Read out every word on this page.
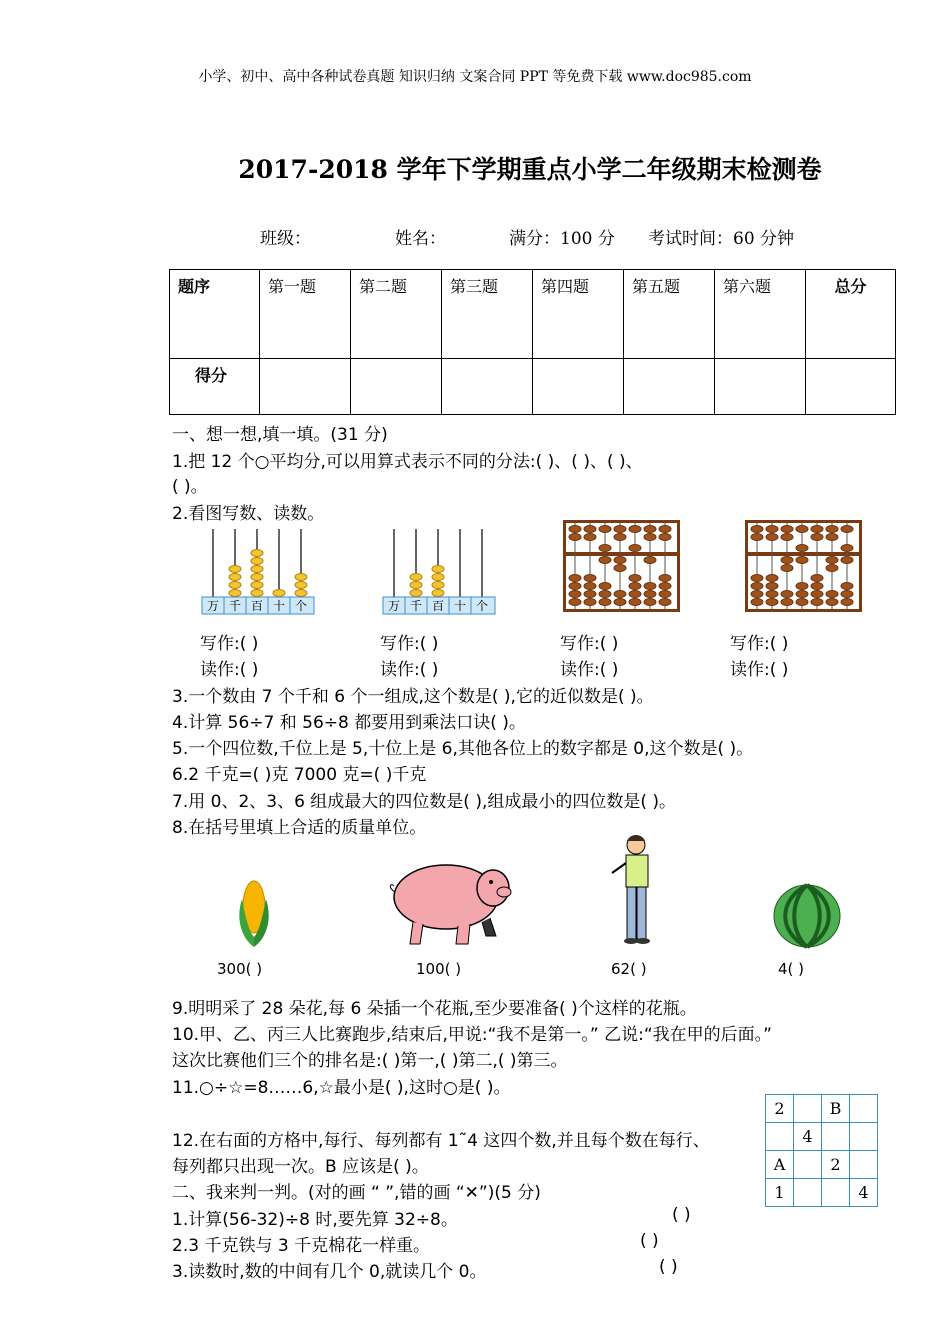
小学、初中、高中各种试卷真题 知识归纳 文案合同 PPT 等免费下载 www.doc985.com
2017-2018 学年下学期重点小学二年级期末检测卷
班级：	姓名：	满分：100 分 考试时间：60 分钟
题序	第一题	第二题	第三题	第四题	第五题	第六题	总分
得分							
一、想一想,填一填。(31 分)
1.把 12 个○平均分,可以用算式表示不同的分法:( )、( )、( )、
( )。
2.看图写数、读数。
万 千 百 十 个	万 千 百 十 个
写作:( )	写作:( )	写作:( )	写作:( )
读作:( )	读作:( )	读作:( )	读作:( )
3.一个数由 7 个千和 6 个一组成,这个数是( ),它的近似数是( )。
4.计算 56÷7 和 56÷8 都要用到乘法口诀( )。
5.一个四位数,千位上是 5,十位上是 6,其他各位上的数字都是 0,这个数是( )。
6.2 千克=( )克 7000 克=( )千克
7.用 0、2、3、6 组成最大的四位数是( ),组成最小的四位数是( )。
8.在括号里填上合适的质量单位。
300( )	100( )	62( )	4( )
9.明明采了 28 朵花,每 6 朵插一个花瓶,至少要准备( )个这样的花瓶。
10.甲、乙、丙三人比赛跑步,结束后,甲说:“我不是第一。” 乙说:“我在甲的后面。”
这次比赛他们三个的排名是:( )第一,( )第二,( )第三。
11.○÷☆=8……6,☆最小是( ),这时○是( )。
12.在右面的方格中,每行、每列都有 1˜4 这四个数,并且每个数在每行、
每列都只出现一次。B 应该是( )。
2		B	
	4		
A		2	
1			4
二、我来判一判。(对的画 “ ”,错的画 “✕”)(5 分)
1.计算(56-32)÷8 时,要先算 32÷8。	( )
2.3 千克铁与 3 千克棉花一样重。	( )
3.读数时,数的中间有几个 0,就读几个 0。	( )
